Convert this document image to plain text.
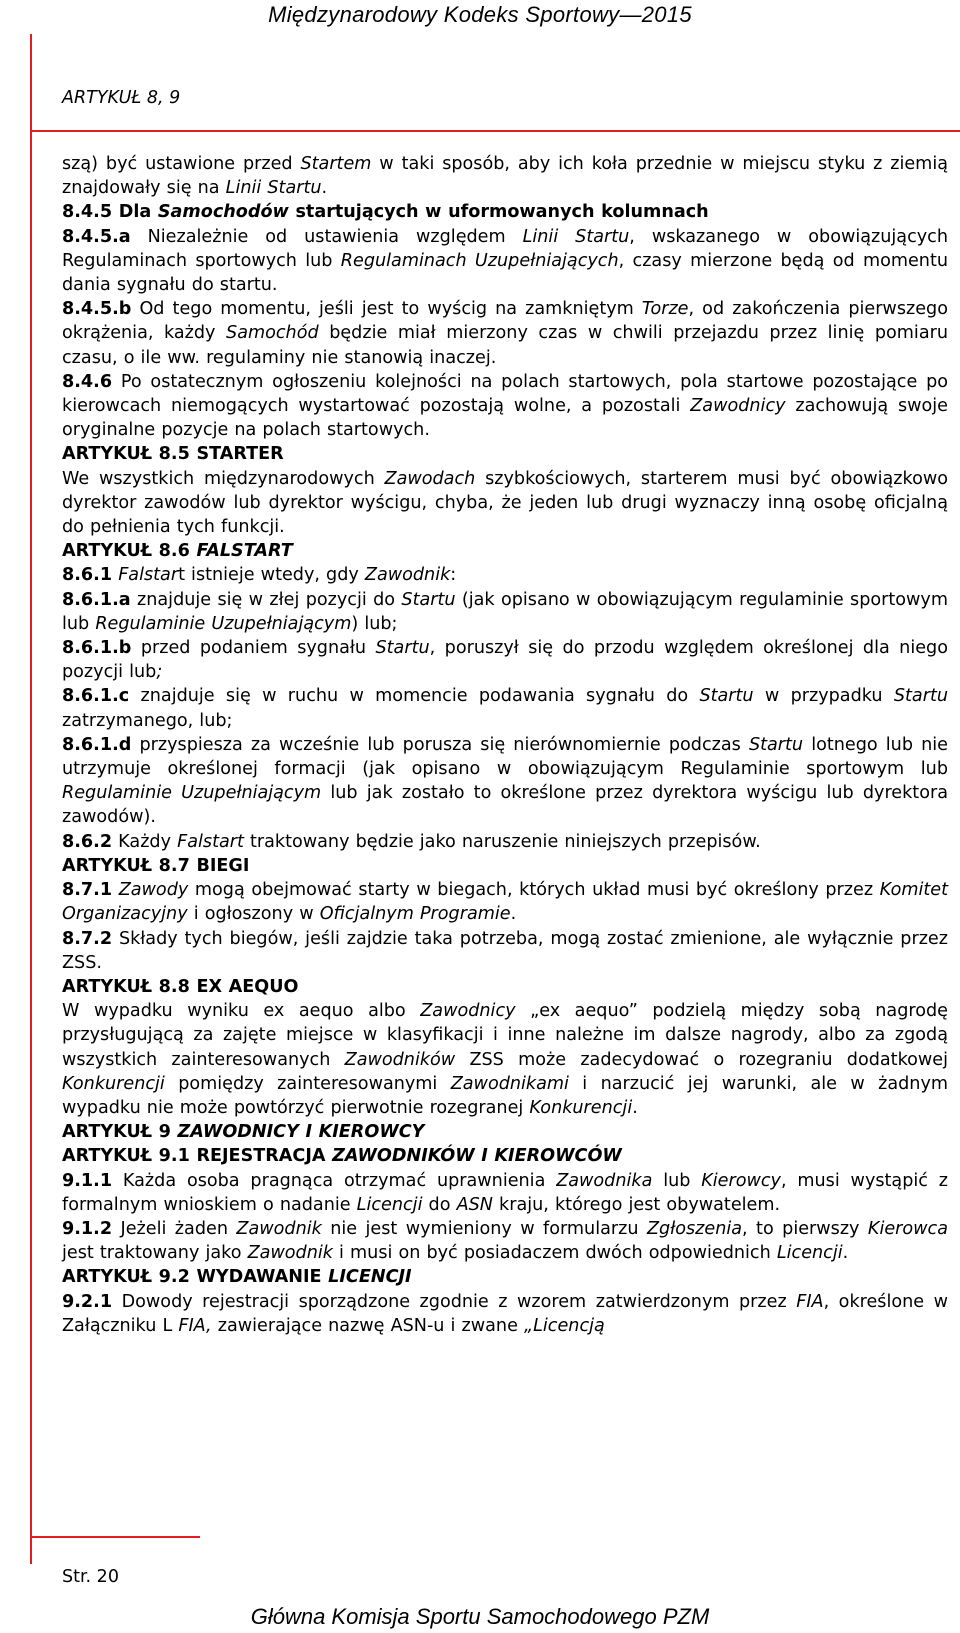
Międzynarodowy Kodeks Sportowy—2015
ARTYKUŁ 8, 9
szą) być ustawione przed Startem w taki sposób, aby ich koła przednie w miejscu styku z ziemią znajdowały się na Linii Startu.
8.4.5 Dla Samochodów startujących w uformowanych kolumnach
8.4.5.a Niezależnie od ustawienia względem Linii Startu, wskazanego w obowiązujących Regulaminach sportowych lub Regulaminach Uzupełniających, czasy mierzone będą od momentu dania sygnału do startu.
8.4.5.b Od tego momentu, jeśli jest to wyścig na zamkniętym Torze, od zakończenia pierwszego okrążenia, każdy Samochód będzie miał mierzony czas w chwili przejazdu przez linię pomiaru czasu, o ile ww. regulaminy nie stanowią inaczej.
8.4.6 Po ostatecznym ogłoszeniu kolejności na polach startowych, pola startowe pozostające po kierowcach niemogących wystartować pozostają wolne, a pozostali Zawodnicy zachowują swoje oryginalne pozycje na polach startowych.
ARTYKUŁ 8.5 STARTER
We wszystkich międzynarodowych Zawodach szybkościowych, starterem musi być obowiązkowo dyrektor zawodów lub dyrektor wyścigu, chyba, że jeden lub drugi wyznaczy inną osobę oficjalną do pełnienia tych funkcji.
ARTYKUŁ 8.6 FALSTART
8.6.1 Falstart istnieje wtedy, gdy Zawodnik:
8.6.1.a znajduje się w złej pozycji do Startu (jak opisano w obowiązującym regulaminie sportowym lub Regulaminie Uzupełniającym) lub;
8.6.1.b przed podaniem sygnału Startu, poruszył się do przodu względem określonej dla niego pozycji lub;
8.6.1.c znajduje się w ruchu w momencie podawania sygnału do Startu w przypadku Startu zatrzymanego, lub;
8.6.1.d przyspiesza za wcześnie lub porusza się nierównomiernie podczas Startu lotnego lub nie utrzymuje określonej formacji (jak opisano w obowiązującym Regulaminie sportowym lub Regulaminie Uzupełniającym lub jak zostało to określone przez dyrektora wyścigu lub dyrektora zawodów).
8.6.2 Każdy Falstart traktowany będzie jako naruszenie niniejszych przepisów.
ARTYKUŁ 8.7 BIEGI
8.7.1 Zawody mogą obejmować starty w biegach, których układ musi być określony przez Komitet Organizacyjny i ogłoszony w Oficjalnym Programie.
8.7.2 Składy tych biegów, jeśli zajdzie taka potrzeba, mogą zostać zmienione, ale wyłącznie przez ZSS.
ARTYKUŁ 8.8 EX AEQUO
W wypadku wyniku ex aequo albo Zawodnicy „ex aequo” podzielą między sobą nagrodę przysługującą za zajęte miejsce w klasyfikacji i inne należne im dalsze nagrody, albo za zgodą wszystkich zainteresowanych Zawodników ZSS może zadecydować o rozegraniu dodatkowej Konkurencji pomiędzy zainteresowanymi Zawodnikami i narzucić jej warunki, ale w żadnym wypadku nie może powtórzyć pierwotnie rozegranej Konkurencji.
ARTYKUŁ 9 ZAWODNICY I KIEROWCY
ARTYKUŁ 9.1 REJESTRACJA ZAWODNIKÓW I KIEROWCÓW
9.1.1 Każda osoba pragnąca otrzymać uprawnienia Zawodnika lub Kierowcy, musi wystąpić z formalnym wnioskiem o nadanie Licencji do ASN kraju, którego jest obywatelem.
9.1.2 Jeżeli żaden Zawodnik nie jest wymieniony w formularzu Zgłoszenia, to pierwszy Kierowca jest traktowany jako Zawodnik i musi on być posiadaczem dwóch odpowiednich Licencji.
ARTYKUŁ 9.2 WYDAWANIE LICENCJI
9.2.1 Dowody rejestracji sporządzone zgodnie z wzorem zatwierdzonym przez FIA, określone w Załączniku L FIA, zawierające nazwę ASN-u i zwane „Licencją
Str. 20
Główna Komisja Sportu Samochodowego PZM
